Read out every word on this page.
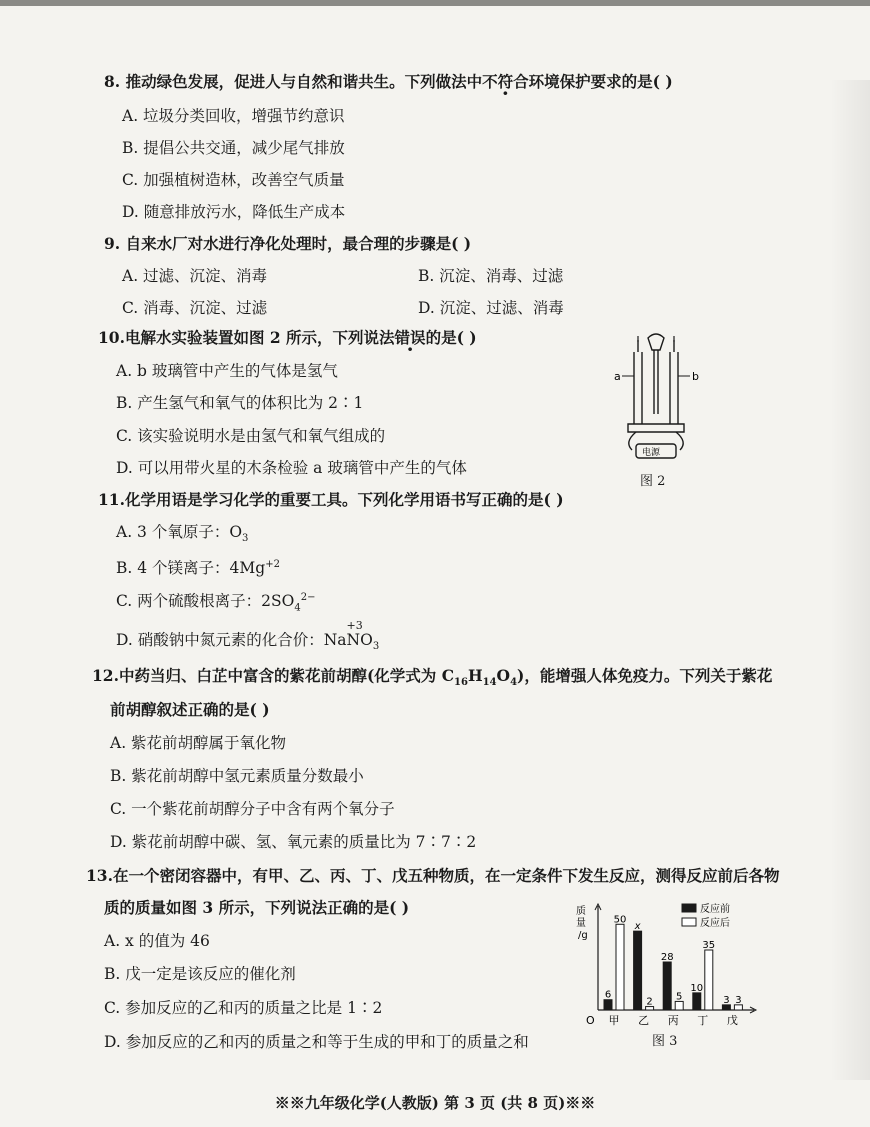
8. 推动绿色发展，促进人与自然和谐共生。下列做法中不符合环境保护要求的是( )
A. 垃圾分类回收，增强节约意识
B. 提倡公共交通，减少尾气排放
C. 加强植树造林，改善空气质量
D. 随意排放污水，降低生产成本
9. 自来水厂对水进行净化处理时，最合理的步骤是( )
A. 过滤、沉淀、消毒	B. 沉淀、消毒、过滤
C. 消毒、沉淀、过滤	D. 沉淀、过滤、消毒
10.电解水实验装置如图 2 所示，下列说法错误的是( )
A. b 玻璃管中产生的气体是氢气
B. 产生氢气和氧气的体积比为 2∶1
C. 该实验说明水是由氢气和氧气组成的
D. 可以用带火星的木条检验 a 玻璃管中产生的气体
a	b
电源
图 2
11.化学用语是学习化学的重要工具。下列化学用语书写正确的是( )
A. 3 个氧原子：$O_3$
B. 4 个镁离子：$4Mg^{+2}$
C. 两个硫酸根离子：$2SO_4^{2-}$
D. 硝酸钠中氮元素的化合价：Na
+3
$NO_3$
12.中药当归、白芷中富含的紫花前胡醇(化学式为 $C_{16}H_{14}O_4$)，能增强人体免疫力。下列关于紫花
前胡醇叙述正确的是( )
A. 紫花前胡醇属于氧化物
B. 紫花前胡醇中氢元素质量分数最小
C. 一个紫花前胡醇分子中含有两个氧分子
D. 紫花前胡醇中碳、氢、氧元素的质量比为 7∶7∶2
13.在一个密闭容器中，有甲、乙、丙、丁、戊五种物质，在一定条件下发生反应，测得反应前后各物
质的质量如图 3 所示，下列说法正确的是( )
A. x 的值为 46
B. 戊一定是该反应的催化剂
C. 参加反应的乙和丙的质量之比是 1∶2
D. 参加反应的乙和丙的质量之和等于生成的甲和丁的质量之和
质量/g
O
6
50
甲
x
2
乙
28
5
丙
10
35
丁
3 3
戊
反应前
反应后
图 3
※※九年级化学(人教版) 第 3 页 (共 8 页)※※
